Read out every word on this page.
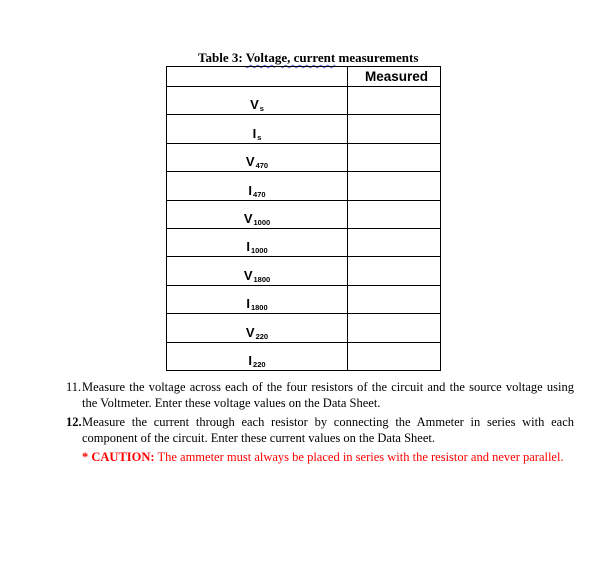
Table 3: Voltage, current measurements
	Measured
Vs	
Is	
V470	
I470	
V1000	
I1000	
V1800	
I1800	
V220	
I220	
11. Measure the voltage across each of the four resistors of the circuit and the source voltage using the Voltmeter. Enter these voltage values on the Data Sheet.
12. Measure the current through each resistor by connecting the Ammeter in series with each component of the circuit. Enter these current values on the Data Sheet.
* CAUTION: The ammeter must always be placed in series with the resistor and never parallel.
